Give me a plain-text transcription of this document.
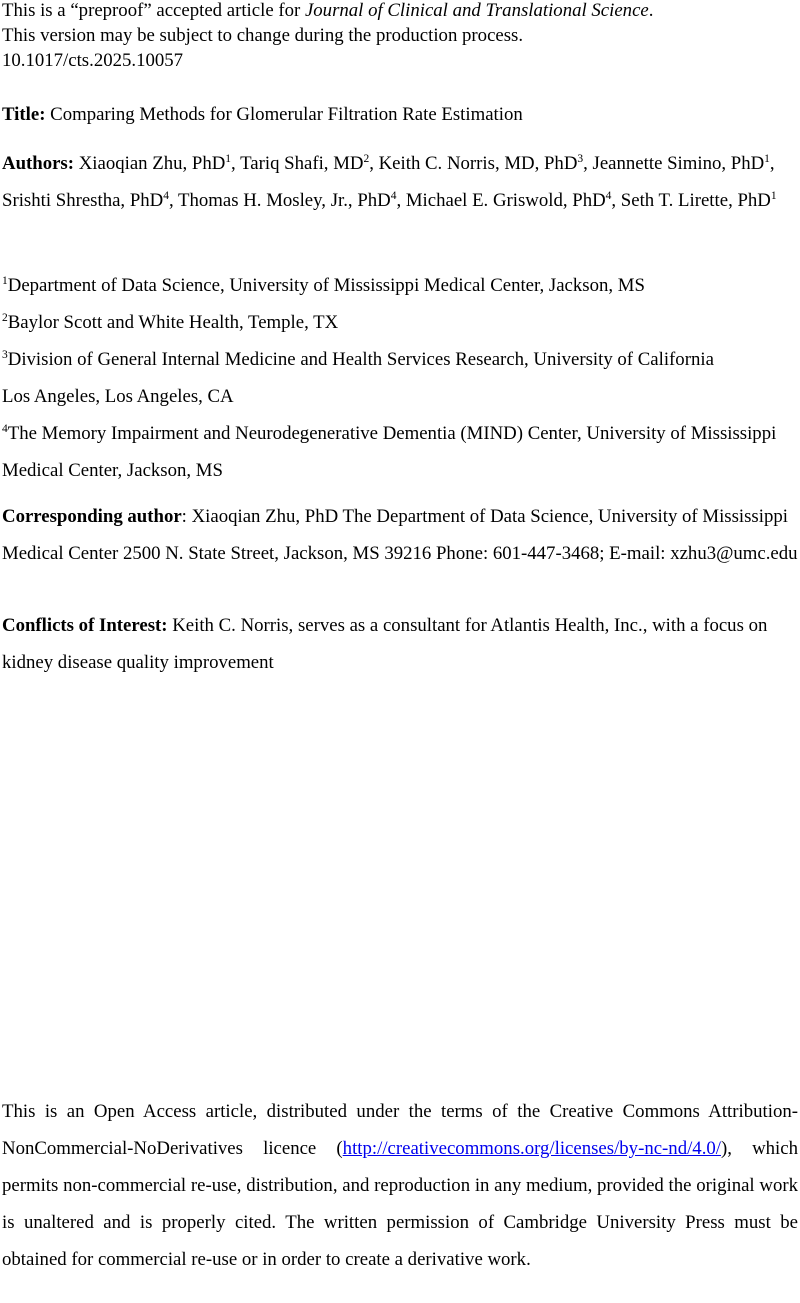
This is a “preproof” accepted article for Journal of Clinical and Translational Science.

This version may be subject to change during the production process.

10.1017/cts.2025.10057

Title: Comparing Methods for Glomerular Filtration Rate Estimation

Authors: Xiaoqian Zhu, PhD$^1$, Tariq Shafi, $MD^2$, Keith C. Norris, MD, PhD$^3$, Jeannette Simino, PhD$^1$, Srishti Shrestha, PhD$^4$, Thomas H. Mosley, Jr., PhD$^4$, Michael E. Griswold, PhD$^4$, Seth T. Lirette, PhD$^1$

$^1$Department of Data Science, University of Mississippi Medical Center, Jackson, MS

$^2$Baylor Scott and White Health, Temple, TX

$^3$Division of General Internal Medicine and Health Services Research, University of California Los Angeles, Los Angeles, CA

$^4$The Memory Impairment and Neurodegenerative Dementia (MIND) Center, University of Mississippi Medical Center, Jackson, MS

Corresponding author: Xiaoqian Zhu, PhD The Department of Data Science, University of Mississippi Medical Center 2500 N. State Street, Jackson, MS 39216 Phone: 601-447-3468; E-mail: xzhu3@umc.edu

Conflicts of Interest: Keith C. Norris, serves as a consultant for Atlantis Health, Inc., with a focus on kidney disease quality improvement

This is an Open Access article, distributed under the terms of the Creative Commons Attribution- NonCommercial-NoDerivatives licence (http://creativecommons.org/licenses/by-nc-nd/4.0/), which permits non-commercial re-use, distribution, and reproduction in any medium, provided the original work is unaltered and is properly cited. The written permission of Cambridge University Press must be obtained for commercial re-use or in order to create a derivative work.
